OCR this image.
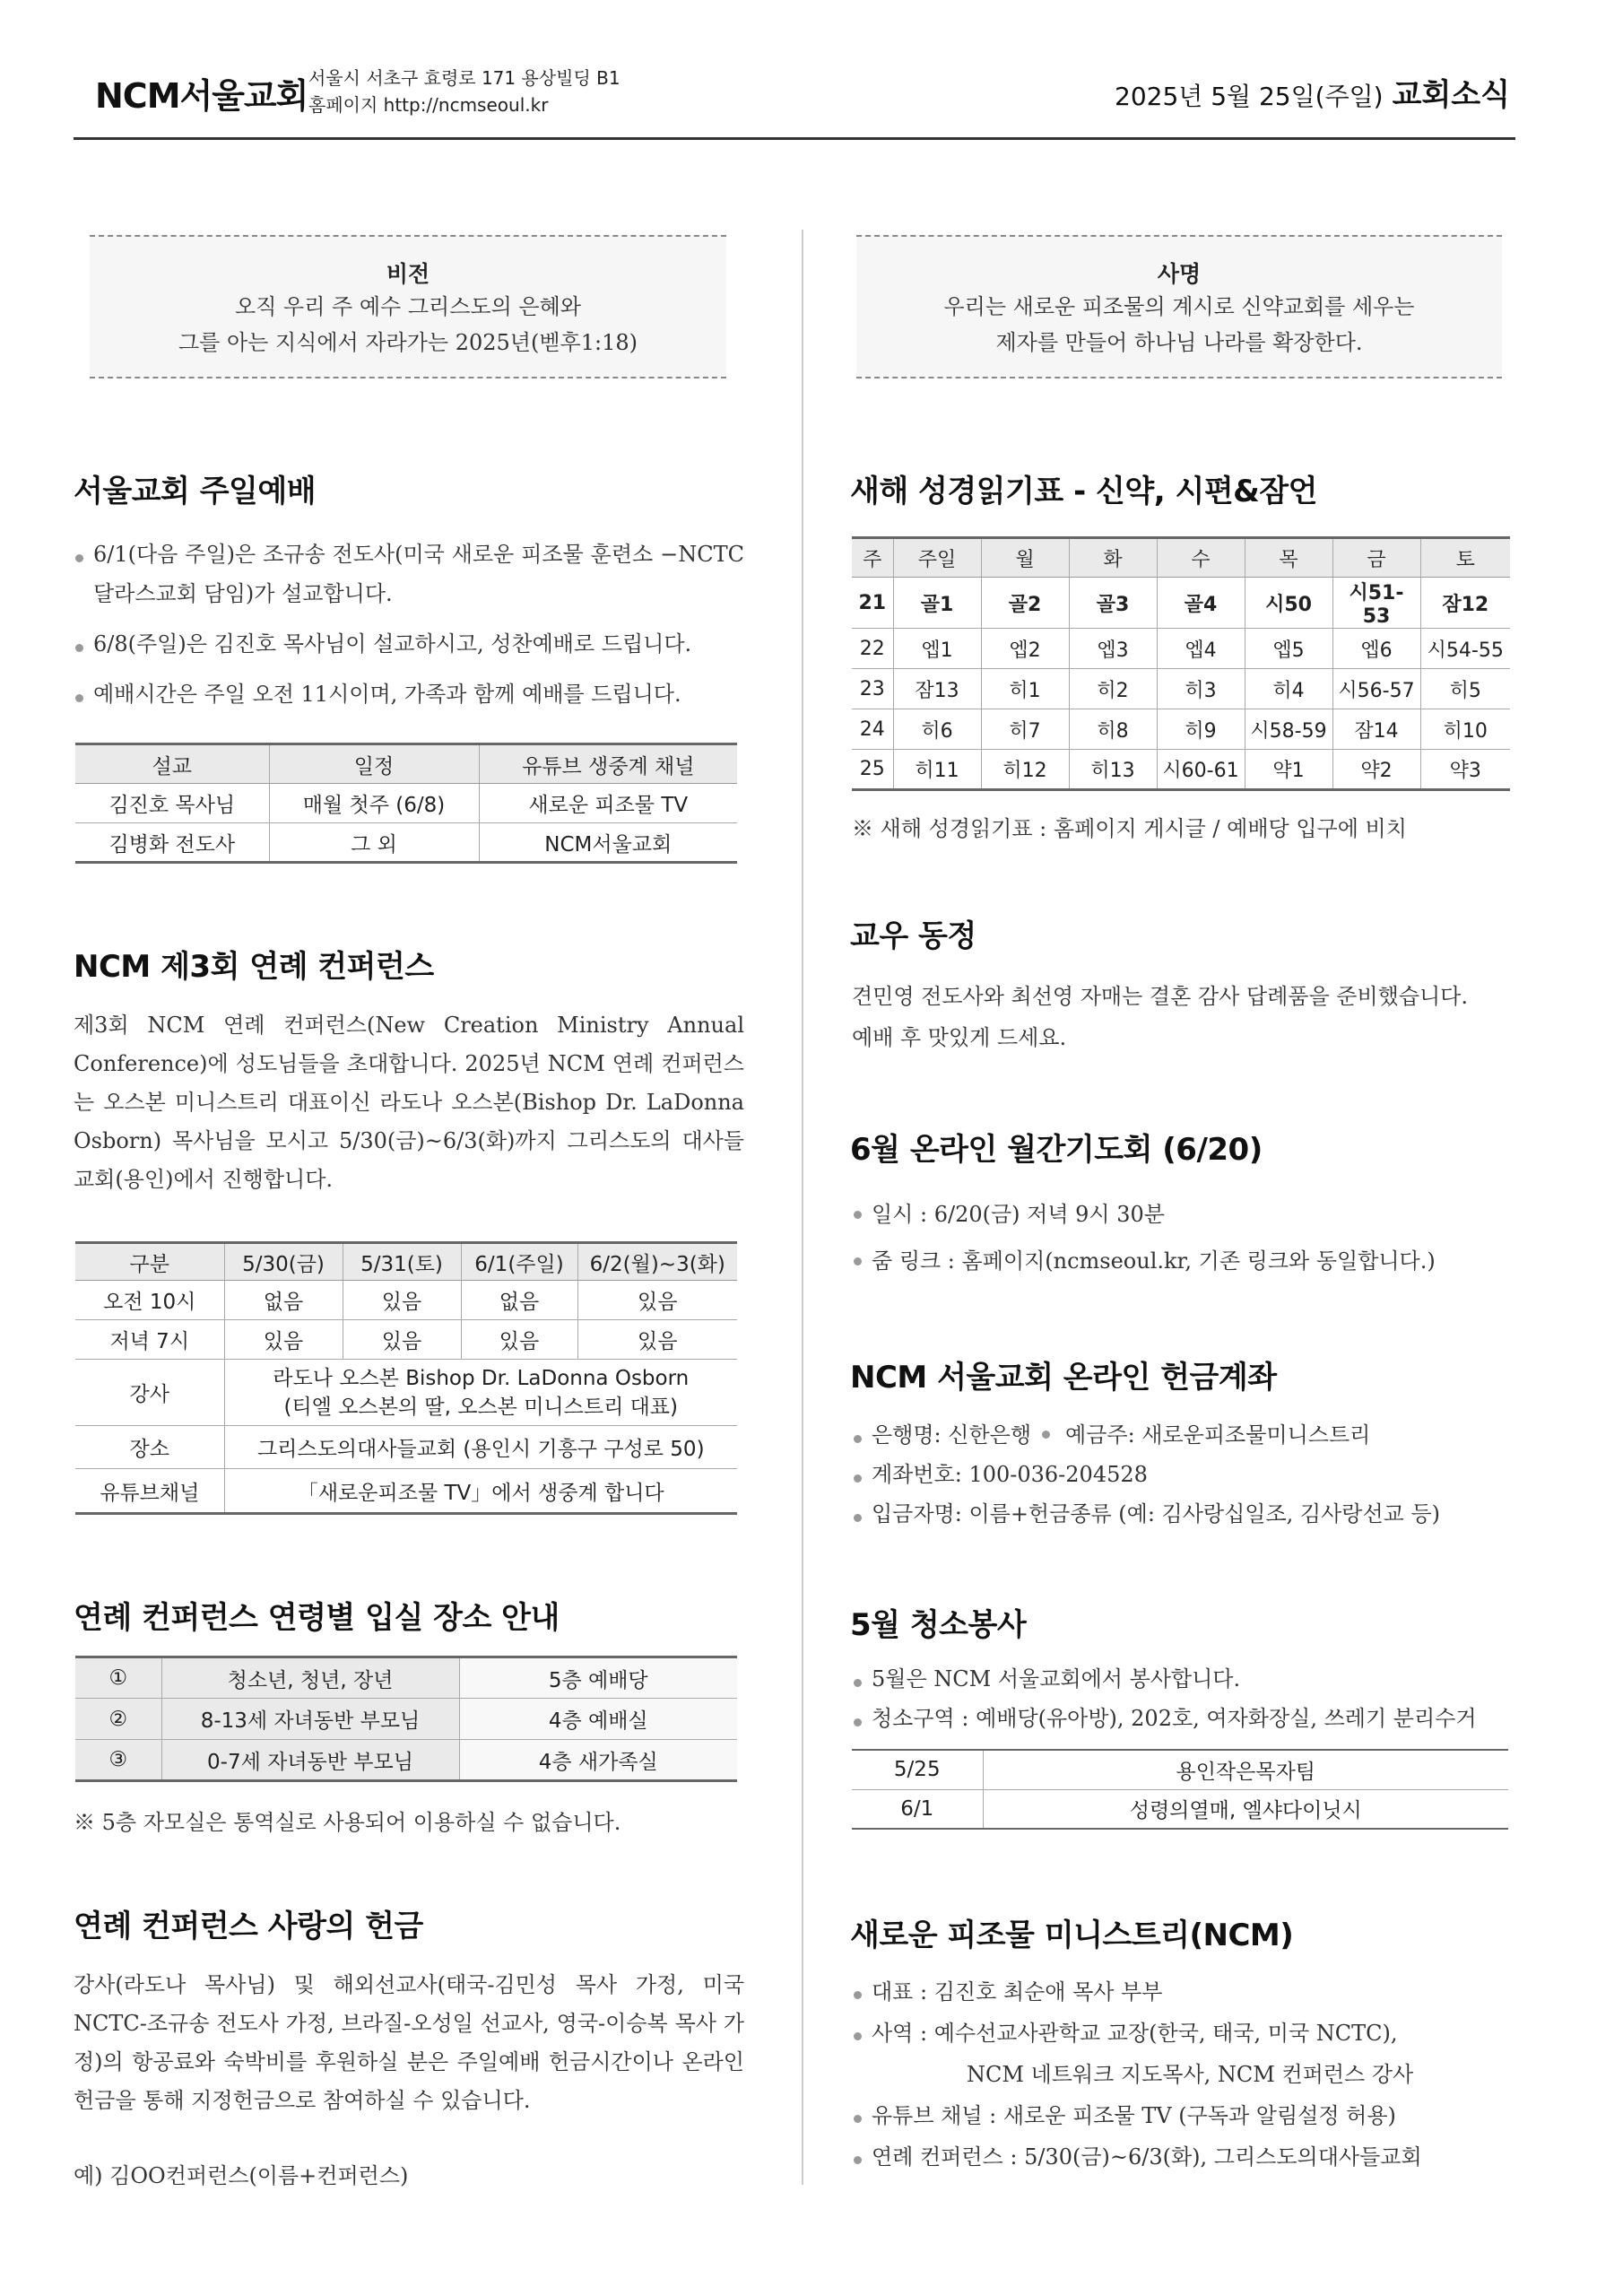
NCM서울교회 서울시 서초구 효령로 171 용상빌딩 B1
홈페이지 http://ncmseoul.kr	2025년 5월 25일(주일) 교회소식
비전
오직 우리 주 예수 그리스도의 은혜와
그를 아는 지식에서 자라가는 2025년(벧후1:18)
사명
우리는 새로운 피조물의 계시로 신약교회를 세우는
제자를 만들어 하나님 나라를 확장한다.
서울교회 주일예배
6/1(다음 주일)은 조규송 전도사(미국 새로운 피조물 훈련소 −NCTC 달라스교회 담임)가 설교합니다.
6/8(주일)은 김진호 목사님이 설교하시고, 성찬예배로 드립니다.
예배시간은 주일 오전 11시이며, 가족과 함께 예배를 드립니다.
설교	일정	유튜브 생중계 채널
김진호 목사님	매월 첫주 (6/8)	새로운 피조물 TV
김병화 전도사	그 외	NCM서울교회
NCM 제3회 연례 컨퍼런스
제3회 NCM 연례 컨퍼런스(New Creation Ministry Annual Conference)에 성도님들을 초대합니다. 2025년 NCM 연례 컨퍼런스는 오스본 미니스트리 대표이신 라도나 오스본(Bishop Dr. LaDonna Osborn) 목사님을 모시고 5/30(금)~6/3(화)까지 그리스도의 대사들 교회(용인)에서 진행합니다.
구분	5/30(금)	5/31(토)	6/1(주일)	6/2(월)~3(화)
오전 10시	없음	있음	없음	있음
저녁 7시	있음	있음	있음	있음
강사	라도나 오스본 Bishop Dr. LaDonna Osborn
(티엘 오스본의 딸, 오스본 미니스트리 대표)			

장소	그리스도의대사들교회 (용인시 기흥구 구성로 50)			
유튜브채널	「새로운피조물 TV」에서 생중계 합니다			
연례 컨퍼런스 연령별 입실 장소 안내
①	청소년, 청년, 장년	5층 예배당
②	8-13세 자녀동반 부모님	4층 예배실
③	0-7세 자녀동반 부모님	4층 새가족실
※ 5층 자모실은 통역실로 사용되어 이용하실 수 없습니다.
연례 컨퍼런스 사랑의 헌금
강사(라도나 목사님) 및 해외선교사(태국-김민성 목사 가정, 미국 NCTC-조규송 전도사 가정, 브라질-오성일 선교사, 영국-이승복 목사 가정)의 항공료와 숙박비를 후원하실 분은 주일예배 헌금시간이나 온라인 헌금을 통해 지정헌금으로 참여하실 수 있습니다.
예) 김OO컨퍼런스(이름+컨퍼런스)
새해 성경읽기표 - 신약, 시편&잠언
주	주일	월	화	수	목	금	토
21	골1	골2	골3	골4	시50	시51-53	잠12
22	엡1	엡2	엡3	엡4	엡5	엡6	시54-55
23	잠13	히1	히2	히3	히4	시56-57	히5
24	히6	히7	히8	히9	시58-59	잠14	히10
25	히11	히12	히13	시60-61	약1	약2	약3
※ 새해 성경읽기표 : 홈페이지 게시글 / 예배당 입구에 비치
교우 동정
견민영 전도사와 최선영 자매는 결혼 감사 답례품을 준비했습니다.
예배 후 맛있게 드세요.
6월 온라인 월간기도회 (6/20)
일시 : 6/20(금) 저녁 9시 30분
줌 링크 : 홈페이지(ncmseoul.kr, 기존 링크와 동일합니다.)
NCM 서울교회 온라인 헌금계좌
은행명: 신한은행 예금주: 새로운피조물미니스트리
계좌번호: 100-036-204528
입금자명: 이름+헌금종류 (예: 김사랑십일조, 김사랑선교 등)
5월 청소봉사
5월은 NCM 서울교회에서 봉사합니다.
청소구역 : 예배당(유아방), 202호, 여자화장실, 쓰레기 분리수거
5/25	용인작은목자팀
6/1	성령의열매, 엘샤다이닛시
새로운 피조물 미니스트리(NCM)
대표 : 김진호 최순애 목사 부부
사역 : 예수선교사관학교 교장(한국, 태국, 미국 NCTC),
NCM 네트워크 지도목사, NCM 컨퍼런스 강사
유튜브 채널 : 새로운 피조물 TV (구독과 알림설정 허용)
연례 컨퍼런스 : 5/30(금)~6/3(화), 그리스도의대사들교회
